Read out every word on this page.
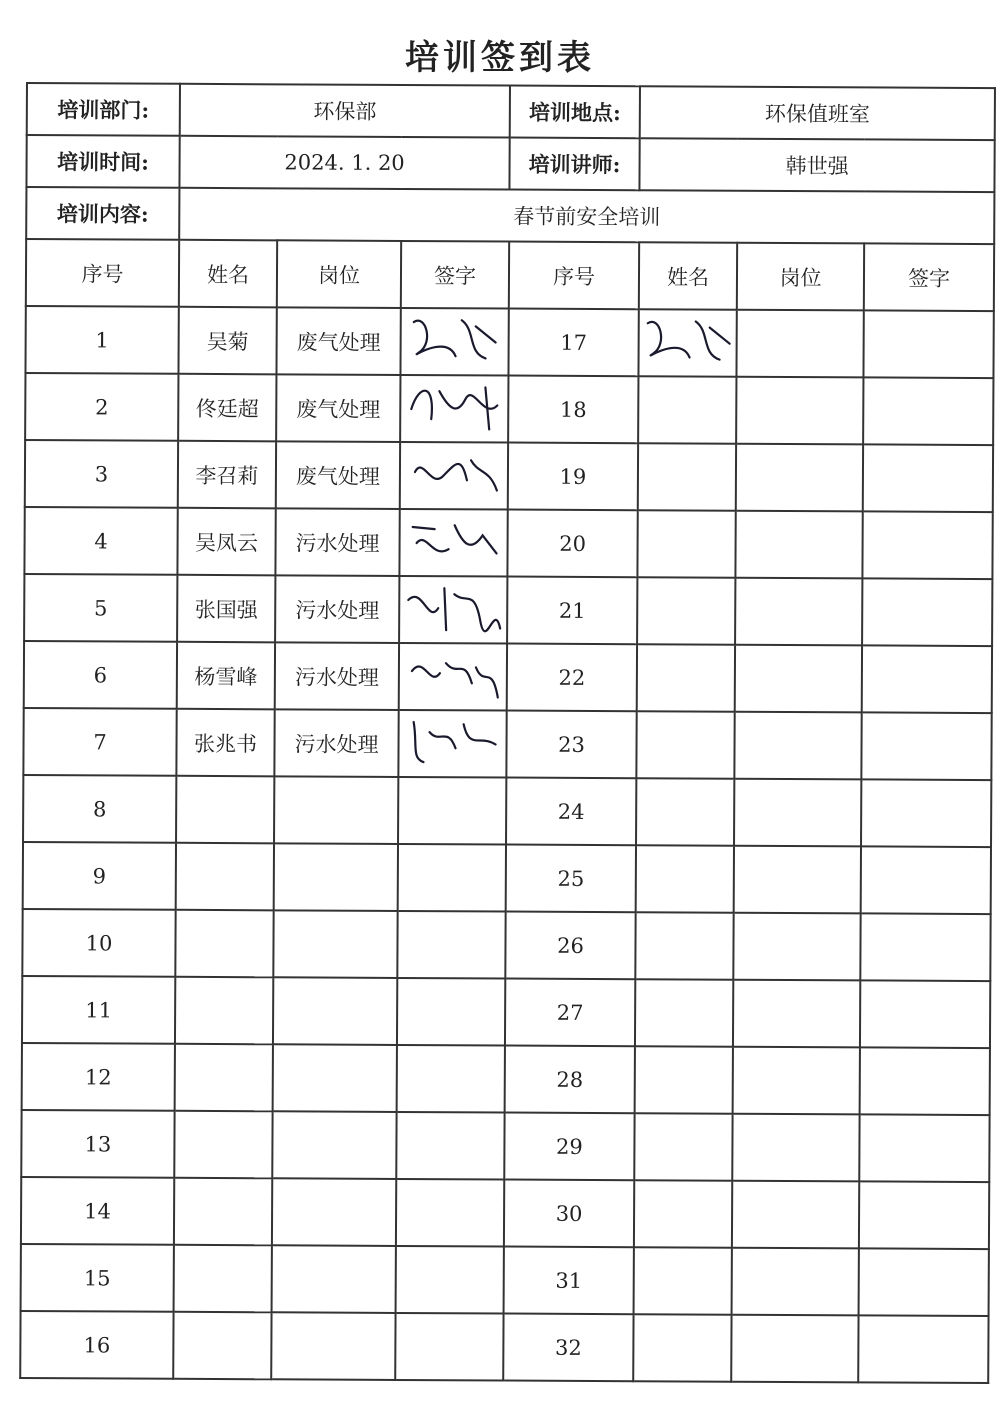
培训签到表
培训部门:	环保部			培训地点:	环保值班室		
培训时间:	2024. 1. 20			培训讲师:	韩世强		
培训内容:	春节前安全培训						
序号	姓名	岗位	签字	序号	姓名	岗位	签字
1	吴菊	废气处理		17	

2	佟廷超	废气处理		18			
3	李召莉	废气处理		19			
4	吴凤云	污水处理		20			
5	张国强	污水处理		21			
6	杨雪峰	污水处理		22			
7	张兆书	污水处理		23			
8				24			
9				25			
10				26			
11				27			
12				28			
13				29			
14				30			
15				31			
16				32			
